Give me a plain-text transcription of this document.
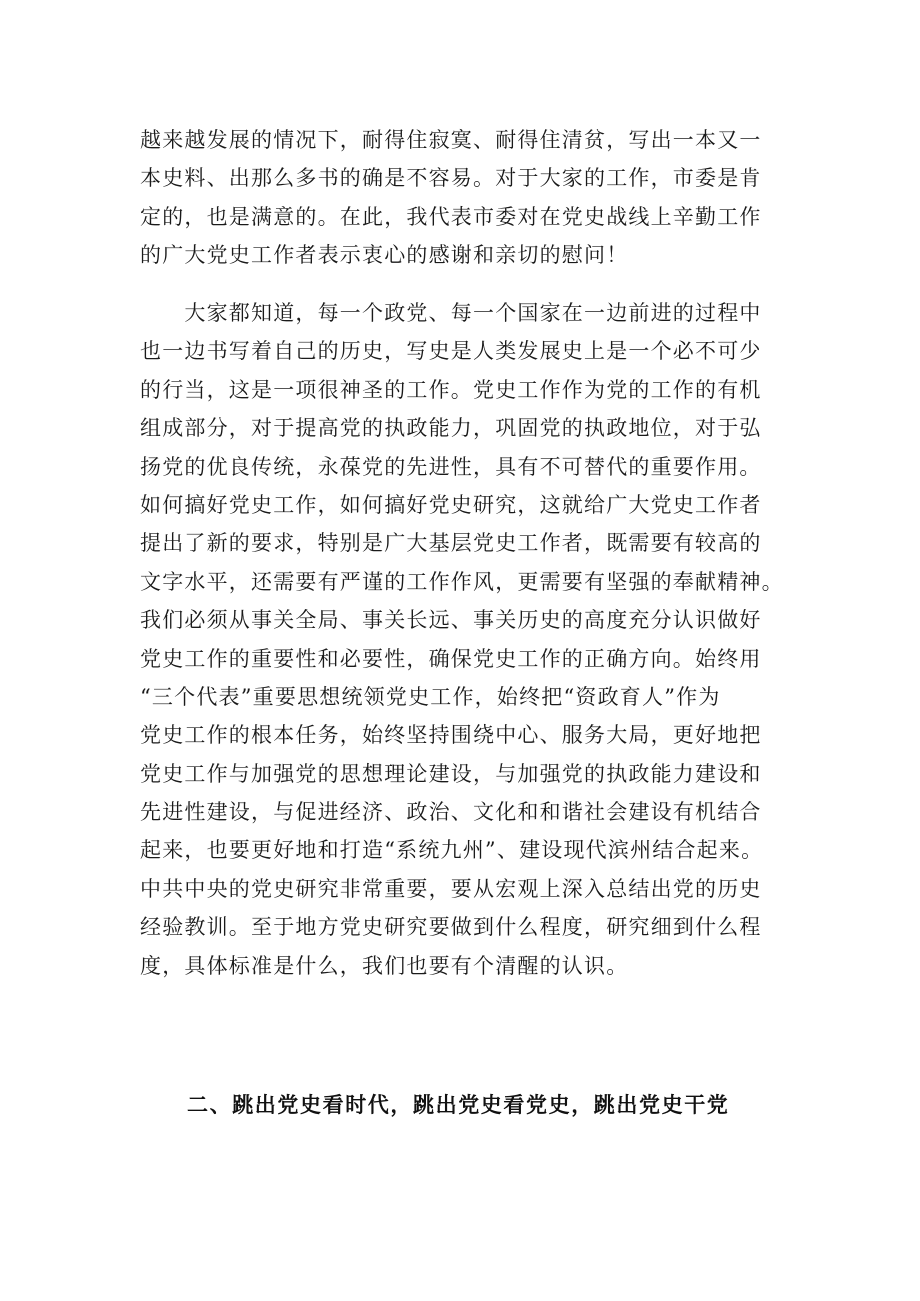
越来越发展的情况下，耐得住寂寞、耐得住清贫，写出一本又一
本史料、出那么多书的确是不容易。对于大家的工作，市委是肯
定的，也是满意的。在此，我代表市委对在党史战线上辛勤工作
的广大党史工作者表示衷心的感谢和亲切的慰问！
　　大家都知道，每一个政党、每一个国家在一边前进的过程中
也一边书写着自己的历史，写史是人类发展史上是一个必不可少
的行当，这是一项很神圣的工作。党史工作作为党的工作的有机
组成部分，对于提高党的执政能力，巩固党的执政地位，对于弘
扬党的优良传统，永葆党的先进性，具有不可替代的重要作用。
如何搞好党史工作，如何搞好党史研究，这就给广大党史工作者
提出了新的要求，特别是广大基层党史工作者，既需要有较高的
文字水平，还需要有严谨的工作作风，更需要有坚强的奉献精神。
我们必须从事关全局、事关长远、事关历史的高度充分认识做好
党史工作的重要性和必要性，确保党史工作的正确方向。始终用
“三个代表”重要思想统领党史工作，始终把“资政育人”作为
党史工作的根本任务，始终坚持围绕中心、服务大局，更好地把
党史工作与加强党的思想理论建设，与加强党的执政能力建设和
先进性建设，与促进经济、政治、文化和和谐社会建设有机结合
起来，也要更好地和打造“系统九州”、建设现代滨州结合起来。
中共中央的党史研究非常重要，要从宏观上深入总结出党的历史
经验教训。至于地方党史研究要做到什么程度，研究细到什么程
度，具体标准是什么，我们也要有个清醒的认识。
二、跳出党史看时代，跳出党史看党史，跳出党史干党
